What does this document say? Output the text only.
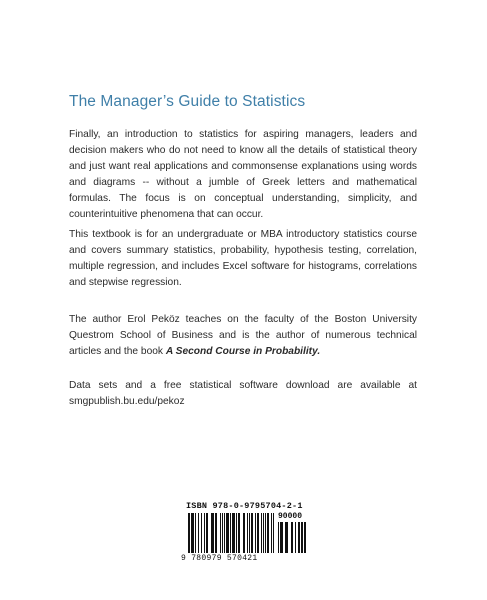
The Manager’s Guide to Statistics
Finally, an introduction to statistics for aspiring managers, leaders and decision makers who do not need to know all the details of statistical theory and just want real applications and commonsense explanations using words and diagrams -- without a jumble of Greek letters and mathematical formulas. The focus is on conceptual understanding, simplicity, and counterintuitive phenomena that can occur.
This textbook is for an undergraduate or MBA introductory statistics course and covers summary statistics, probability, hypothesis testing, correlation, multiple regression, and includes Excel software for histograms, correlations and stepwise regression.
The author Erol Peköz teaches on the faculty of the Boston University Questrom School of Business and is the author of numerous technical articles and the book A Second Course in Probability.
Data sets and a free statistical software download are available at smgpublish.bu.edu/pekoz
ISBN 978-0-9795704-2-1
90000
9 780979 570421
